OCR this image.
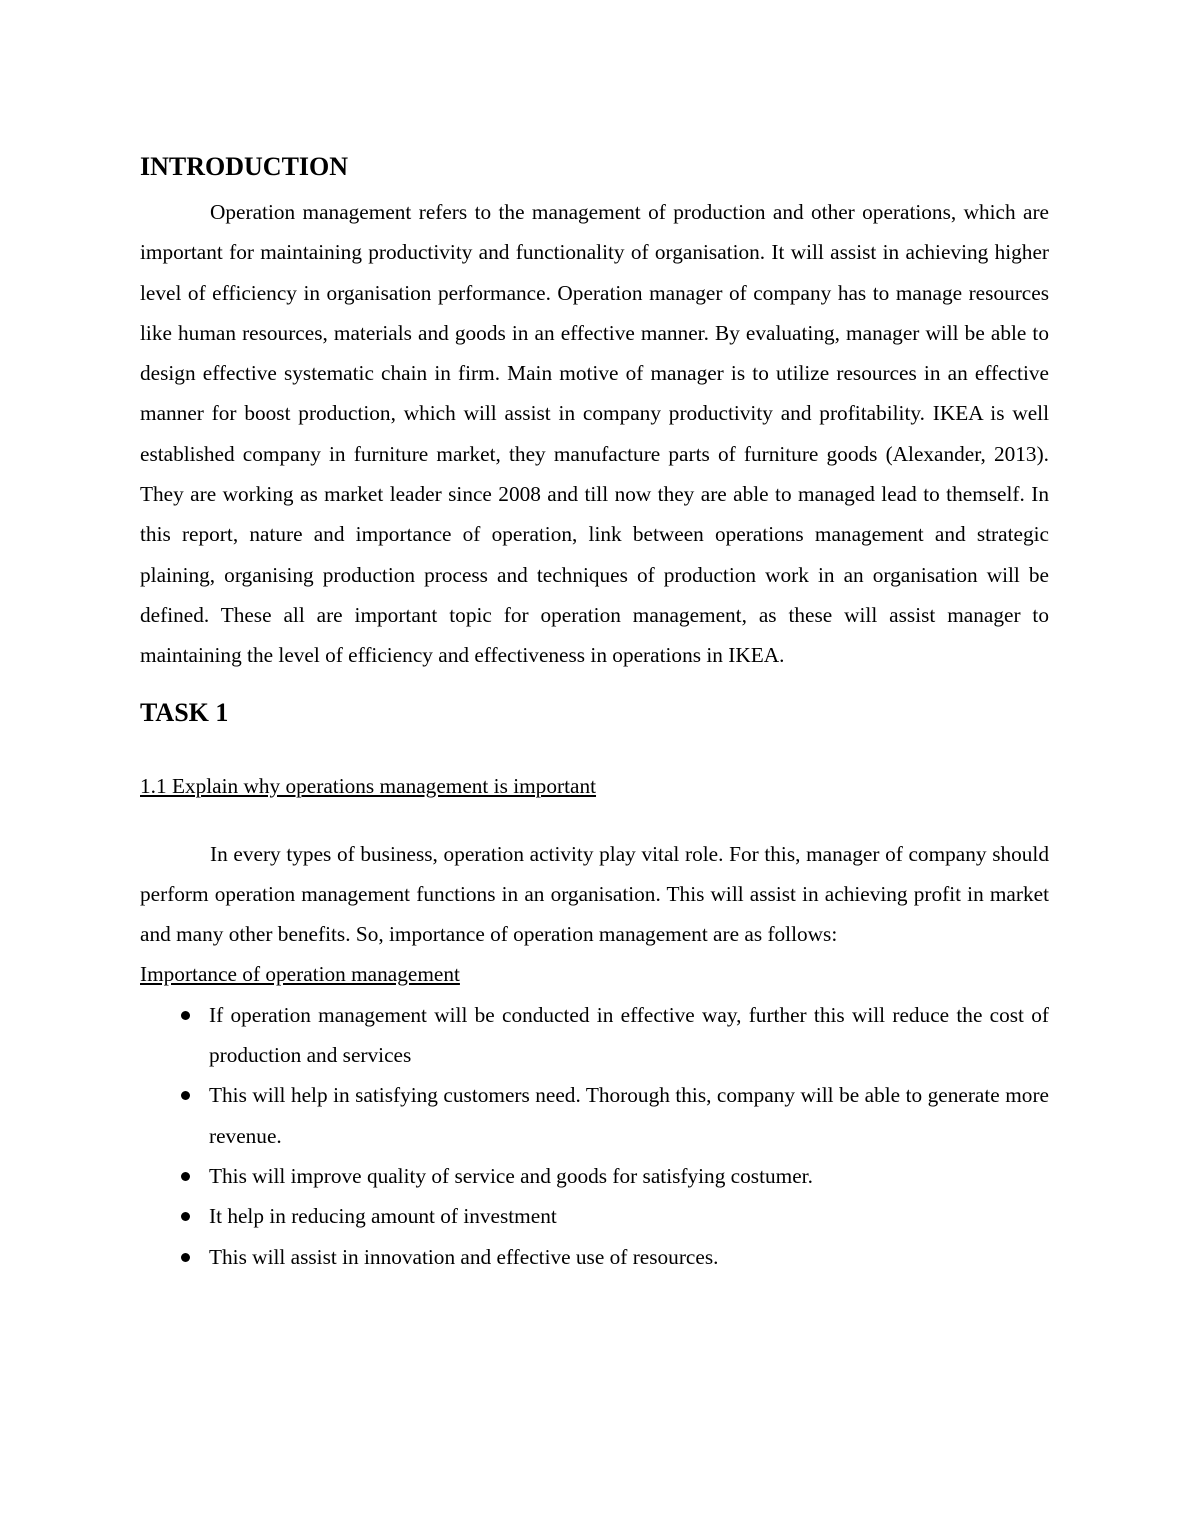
INTRODUCTION

Operation management refers to the management of production and other operations, which are important for maintaining productivity and functionality of organisation. It will assist in achieving higher level of efficiency in organisation performance. Operation manager of company has to manage resources like human resources, materials and goods in an effective manner. By evaluating, manager will be able to design effective systematic chain in firm. Main motive of manager is to utilize resources in an effective manner for boost production, which will assist in company productivity and profitability. IKEA is well established company in furniture market, they manufacture parts of furniture goods (Alexander, 2013). They are working as market leader since 2008 and till now they are able to managed lead to themself. In this report, nature and importance of operation, link between operations management and strategic plaining, organising production process and techniques of production work in an organisation will be defined. These all are important topic for operation management, as these will assist manager to maintaining the level of efficiency and effectiveness in operations in IKEA.

TASK 1
1.1 Explain why operations management is important

In every types of business, operation activity play vital role. For this, manager of company should perform operation management functions in an organisation. This will assist in achieving profit in market and many other benefits. So, importance of operation management are as follows:

Importance of operation management
If operation management will be conducted in effective way, further this will reduce the cost of production and services
This will help in satisfying customers need. Thorough this, company will be able to generate more revenue.
This will improve quality of service and goods for satisfying costumer.
It help in reducing amount of investment
This will assist in innovation and effective use of resources.
